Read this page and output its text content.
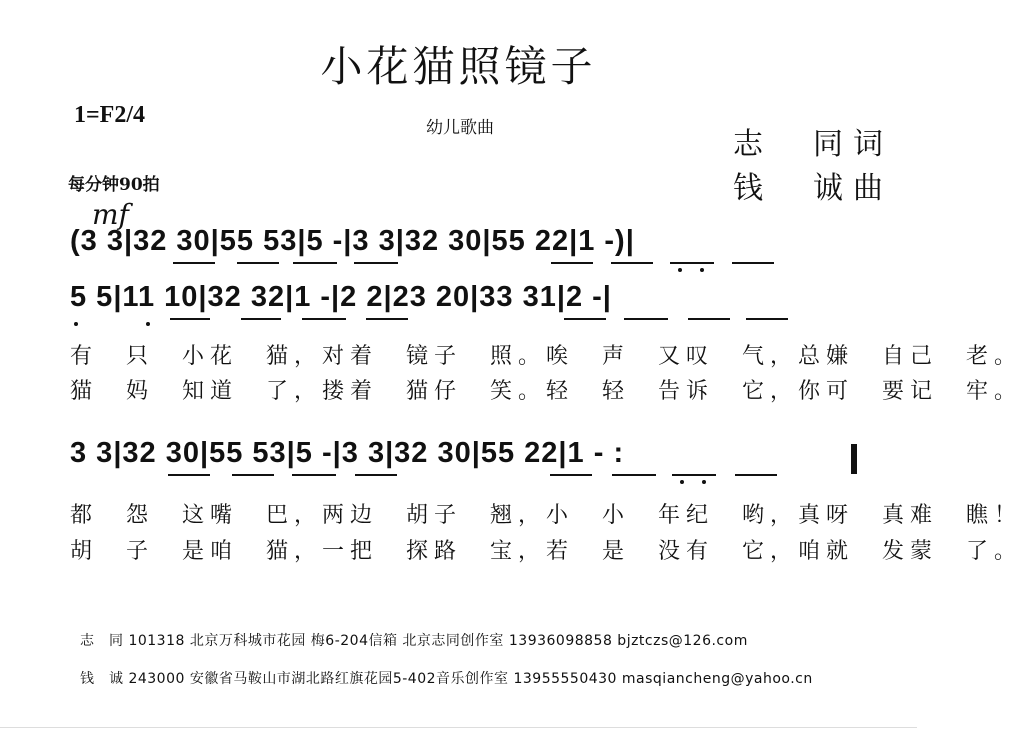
小花猫照镜子
1=F2/4	幼儿歌曲
每分钟90拍
志　同词
钱　诚曲
mf
(3 3|32 30|55 53|5 -|3 3|32 30|55 22|1 -)|
5 5|11 10|32 32|1 -|2 2|23 20|33 31|2 -|
3 3|32 30|55 53|5 -|3 3|32 30|55 22|1 - :
有　只　小花　猫，对着　镜子　照。唉　声　又叹　气，总嫌　自己　老。
猫　妈　知道　了，搂着　猫仔　笑。轻　轻　告诉　它，你可　要记　牢。
都　怨　这嘴　巴，两边　胡子　翘，小　小　年纪　哟，真呀　真难　瞧！
胡　子　是咱　猫，一把　探路　宝，若　是　没有　它，咱就　发蒙　了。
志　同 101318 北京万科城市花园 梅6-204信箱 北京志同创作室 13936098858 bjztczs@126.com
钱　诚 243000 安徽省马鞍山市湖北路红旗花园5-402音乐创作室 13955550430 masqiancheng@yahoo.cn
